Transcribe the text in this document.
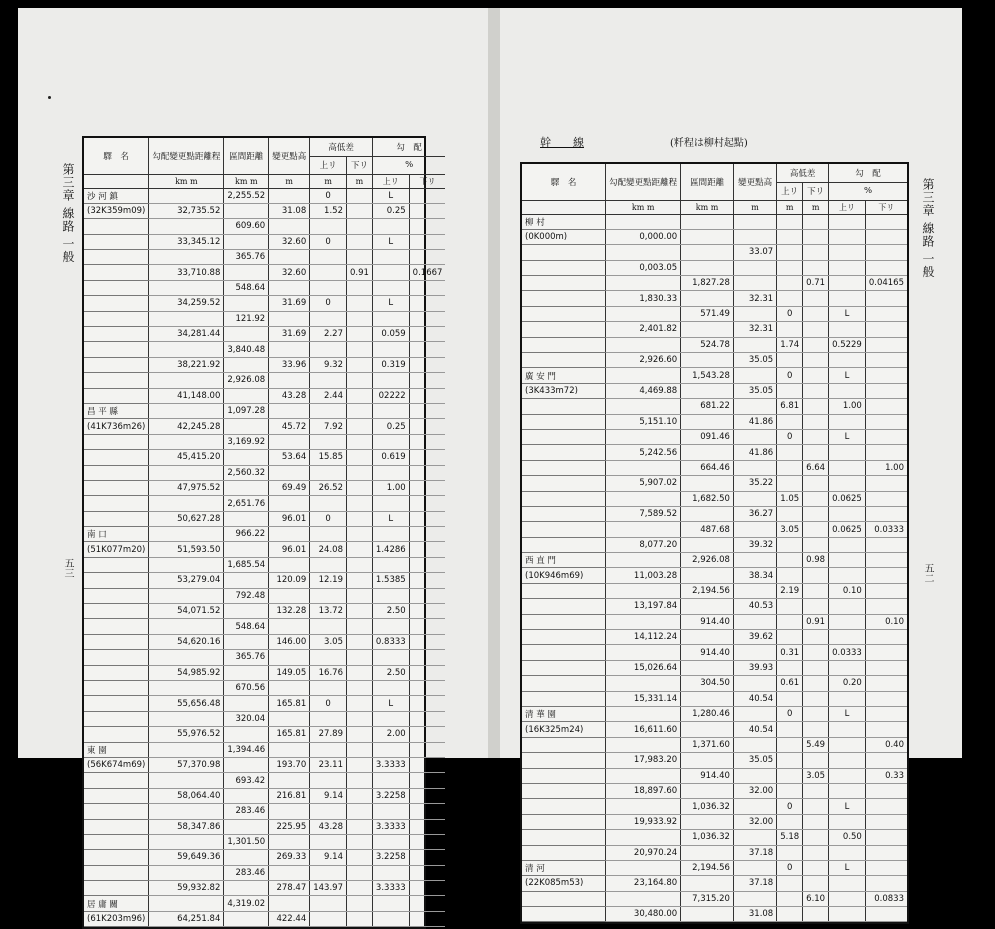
第三章 線路 一般
五三
驛　名	勾配變更點距離程	區間距離	變更點高	高低差		勾　配	
				上リ	下リ	%	
	km m	km m	m	m	m	上リ	下リ
沙 河 鎮		2,255.52		0		L	
(32K359m09)	32,735.52		31.08	1.52		0.25	
		609.60					
	33,345.12		32.60	0		L	
		365.76					
	33,710.88		32.60		0.91		0.1667
		548.64					
	34,259.52		31.69	0		L	
		121.92					
	34,281.44		31.69	2.27		0.059	
		3,840.48					
	38,221.92		33.96	9.32		0.319	
		2,926.08					
	41,148.00		43.28	2.44		02222	
昌 平 縣		1,097.28					
(41K736m26)	42,245.28		45.72	7.92		0.25	
		3,169.92					
	45,415.20		53.64	15.85		0.619	
		2,560.32					
	47,975.52		69.49	26.52		1.00	
		2,651.76					
	50,627.28		96.01	0		L	
南 口		966.22					
(51K077m20)	51,593.50		96.01	24.08		1.4286	
		1,685.54					
	53,279.04		120.09	12.19		1.5385	
		792.48					
	54,071.52		132.28	13.72		2.50	
		548.64					
	54,620.16		146.00	3.05		0.8333	
		365.76					
	54,985.92		149.05	16.76		2.50	
		670.56					
	55,656.48		165.81	0		L	
		320.04					
	55,976.52		165.81	27.89		2.00	
東 園		1,394.46					
(56K674m69)	57,370.98		193.70	23.11		3.3333	
		693.42					
	58,064.40		216.81	9.14		3.2258	
		283.46					
	58,347.86		225.95	43.28		3.3333	
		1,301.50					
	59,649.36		269.33	9.14		3.2258	
		283.46					
	59,932.82		278.47	143.97		3.3333	
居 庸 關		4,319.02					
(61K203m96)	64,251.84		422.44				
幹　　線	(粁程は柳村起點)
第三章 線路 一般
五二
驛　名	勾配變更點距離程	區間距離	變更點高	高低差		勾　配	
				上リ	下リ	%	
	km m	km m	m	m	m	上リ	下リ
柳 村							
(0K000m)	0,000.00						
			33.07				
	0,003.05						
		1,827.28			0.71		0.04165
	1,830.33		32.31				
		571.49		0		L	
	2,401.82		32.31				
		524.78		1.74		0.5229	
	2,926.60		35.05				
廣 安 門		1,543.28		0		L	
(3K433m72)	4,469.88		35.05				
		681.22		6.81		1.00	
	5,151.10		41.86				
		091.46		0		L	
	5,242.56		41.86				
		664.46			6.64		1.00
	5,907.02		35.22				
		1,682.50		1.05		0.0625	
	7,589.52		36.27				
		487.68		3.05		0.0625	0.0333
	8,077.20		39.32				
西 直 門		2,926.08			0.98		
(10K946m69)	11,003.28		38.34				
		2,194.56		2.19		0.10	
	13,197.84		40.53				
		914.40			0.91		0.10
	14,112.24		39.62				
		914.40		0.31		0.0333	
	15,026.64		39.93				
		304.50		0.61		0.20	
	15,331.14		40.54				
清 華 園		1,280.46		0		L	
(16K325m24)	16,611.60		40.54				
		1,371.60			5.49		0.40
	17,983.20		35.05				
		914.40			3.05		0.33
	18,897.60		32.00				
		1,036.32		0		L	
	19,933.92		32.00				
		1,036.32		5.18		0.50	
	20,970.24		37.18				
清 河		2,194.56		0		L	
(22K085m53)	23,164.80		37.18				
		7,315.20			6.10		0.0833
	30,480.00		31.08				
